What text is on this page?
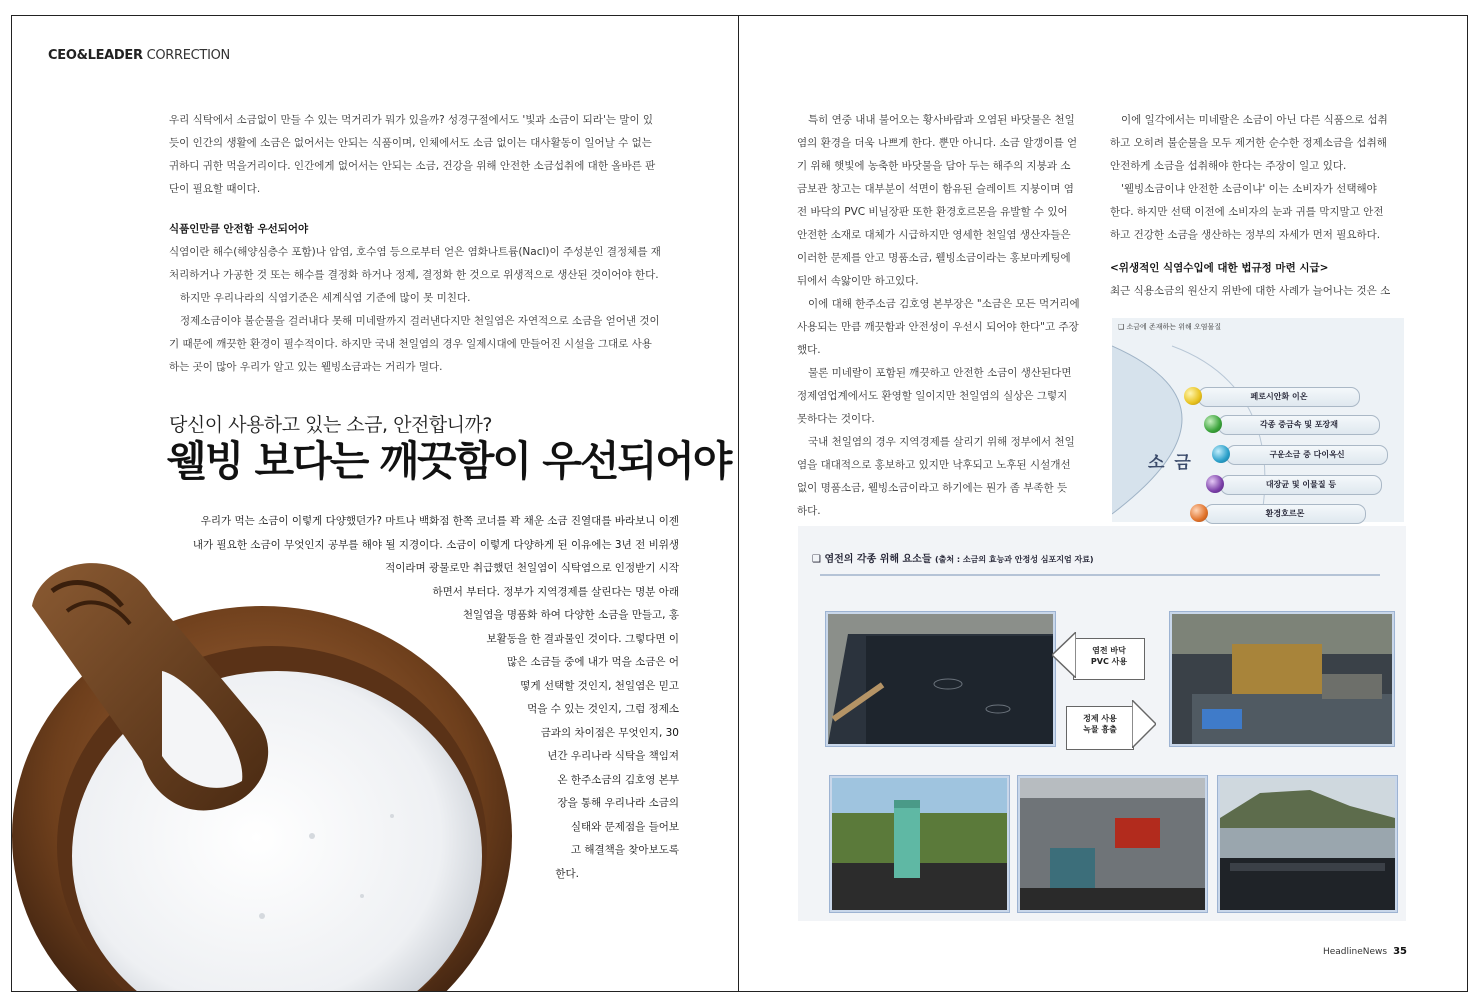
CEO&LEADER CORRECTION
우리 식탁에서 소금없이 만들 수 있는 먹거리가 뭐가 있을까? 성경구절에서도 '빛과 소금이 되라'는 말이 있
듯이 인간의 생활에 소금은 없어서는 안되는 식품이며, 인체에서도 소금 없이는 대사활동이 일어날 수 없는
귀하디 귀한 먹을거리이다. 인간에게 없어서는 안되는 소금, 건강을 위해 안전한 소금섭취에 대한 올바른 판
단이 필요할 때이다.
식품인만큼 안전함 우선되어야
식염이란 해수(해양심층수 포함)나 암염, 호수염 등으로부터 얻은 염화나트륨(Nacl)이 주성분인 결정체를 재
처리하거나 가공한 것 또는 해수를 결정화 하거나 정제, 결정화 한 것으로 위생적으로 생산된 것이어야 한다.
하지만 우리나라의 식염기준은 세계식염 기준에 많이 못 미친다.
정제소금이야 불순물을 걸러내다 못해 미네랄까지 걸러낸다지만 천일염은 자연적으로 소금을 얻어낸 것이
기 때문에 깨끗한 환경이 필수적이다. 하지만 국내 천일염의 경우 일제시대에 만들어진 시설을 그대로 사용
하는 곳이 많아 우리가 알고 있는 웰빙소금과는 거리가 멀다.
당신이 사용하고 있는 소금, 안전합니까?
웰빙 보다는 깨끗함이 우선되어야
우리가 먹는 소금이 이렇게 다양했던가? 마트나 백화점 한쪽 코너를 꽉 채운 소금 진열대를 바라보니 이젠
내가 필요한 소금이 무엇인지 공부를 해야 될 지경이다. 소금이 이렇게 다양하게 된 이유에는 3년 전 비위생
적이라며 광물로만 취급했던 천일염이 식탁염으로 인정받기 시작
하면서 부터다. 정부가 지역경제를 살린다는 명분 아래
천일염을 명품화 하여 다양한 소금을 만들고, 홍
보활동을 한 결과물인 것이다. 그렇다면 이
많은 소금들 중에 내가 먹을 소금은 어
떻게 선택할 것인지, 천일염은 믿고
먹을 수 있는 것인지, 그럼 정제소
금과의 차이점은 무엇인지, 30
년간 우리나라 식탁을 책임져
온 한주소금의 김호영 본부
장을 통해 우리나라 소금의
실태와 문제점을 들어보
고 해결책을 찾아보도록
한다.
특히 연중 내내 불어오는 황사바람과 오염된 바닷물은 천일
염의 환경을 더욱 나쁘게 한다. 뿐만 아니다. 소금 알갱이를 얻
기 위해 햇빛에 농축한 바닷물을 담아 두는 해주의 지붕과 소
금보관 창고는 대부분이 석면이 함유된 슬레이트 지붕이며 염
전 바닥의 PVC 비닐장판 또한 환경호르몬을 유발할 수 있어
안전한 소재로 대체가 시급하지만 영세한 천일염 생산자들은
이러한 문제를 안고 명품소금, 웰빙소금이라는 홍보마케팅에
뒤에서 속앓이만 하고있다.
이에 대해 한주소금 김호영 본부장은 "소금은 모든 먹거리에
사용되는 만큼 깨끗함과 안전성이 우선시 되어야 한다"고 주장
했다.
물론 미네랄이 포함된 깨끗하고 안전한 소금이 생산된다면
정제염업계에서도 환영할 일이지만 천일염의 실상은 그렇지
못하다는 것이다.
국내 천일염의 경우 지역경제를 살리기 위해 정부에서 천일
염을 대대적으로 홍보하고 있지만 낙후되고 노후된 시설개선
없이 명품소금, 웰빙소금이라고 하기에는 뭔가 좀 부족한 듯
하다.
이에 일각에서는 미네랄은 소금이 아닌 다른 식품으로 섭취
하고 오히려 불순물을 모두 제거한 순수한 정제소금을 섭취해
안전하게 소금을 섭취해야 한다는 주장이 일고 있다.
'웰빙소금이냐 안전한 소금이냐' 이는 소비자가 선택해야
한다. 하지만 선택 이전에 소비자의 눈과 귀를 막지말고 안전
하고 건강한 소금을 생산하는 정부의 자세가 먼저 필요하다.
<위생적인 식염수입에 대한 법규정 마련 시급>
최근 식용소금의 원산지 위반에 대한 사례가 늘어나는 것은 소
❑ 소금에 존재하는 위해 오염물질
소 금
페로시안화 이온
각종 중금속 및 포장재
구운소금 중 다이옥신
대장균 및 이물질 등
환경호르몬
❑ 염전의 각종 위해 요소들 (출처 : 소금의 효능과 안정성 심포지엄 자료)
염전 바닥
PVC 사용
정제 사용
녹물 흉출
HeadlineNews 35
